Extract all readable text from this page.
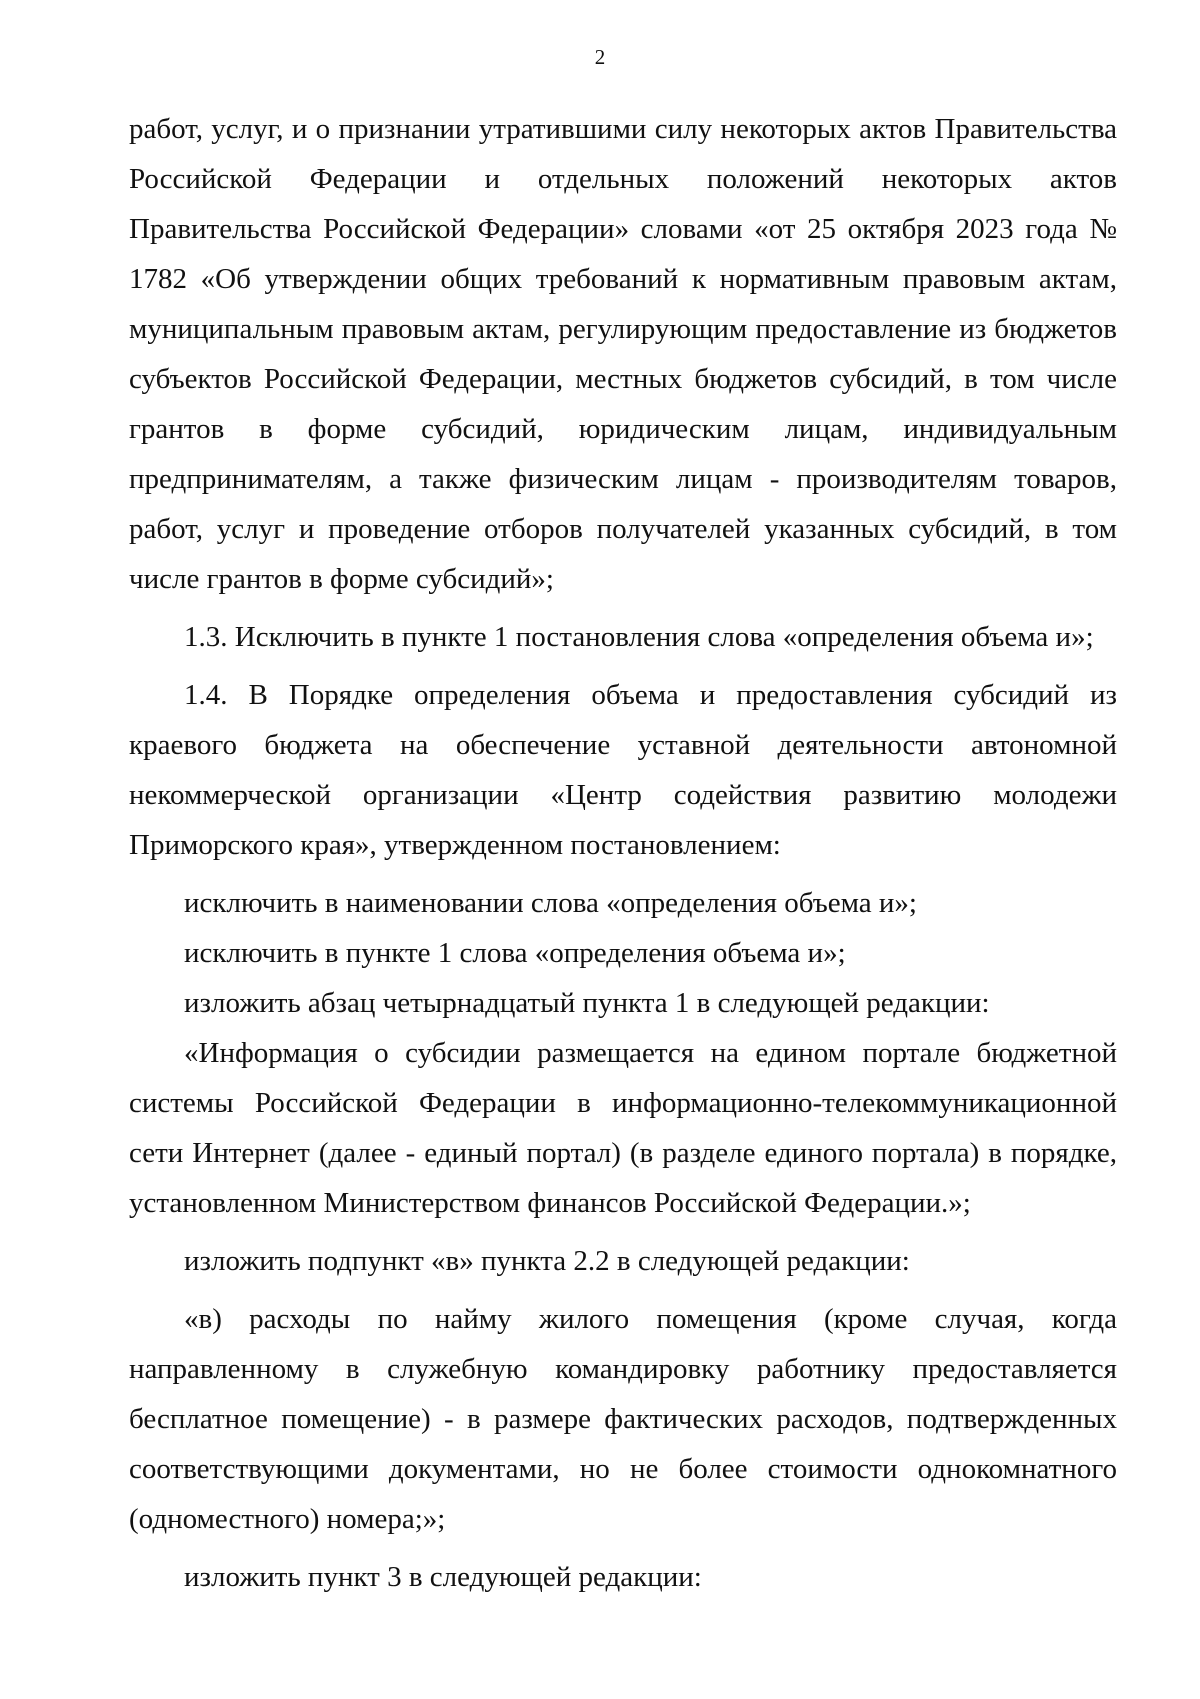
2

работ, услуг, и о признании утратившими силу некоторых актов Правительства Российской Федерации и отдельных положений некоторых актов Правительства Российской Федерации» словами «от 25 октября 2023 года № 1782 «Об утверждении общих требований к нормативным правовым актам, муниципальным правовым актам, регулирующим предоставление из бюджетов субъектов Российской Федерации, местных бюджетов субсидий, в том числе грантов в форме субсидий, юридическим лицам, индивидуальным предпринимателям, а также физическим лицам - производителям товаров, работ, услуг и проведение отборов получателей указанных субсидий, в том числе грантов в форме субсидий»;

1.3. Исключить в пункте 1 постановления слова «определения объема и»;

1.4. В Порядке определения объема и предоставления субсидий из краевого бюджета на обеспечение уставной деятельности автономной некоммерческой организации «Центр содействия развитию молодежи Приморского края», утвержденном постановлением:

исключить в наименовании слова «определения объема и»;

исключить в пункте 1 слова «определения объема и»;

изложить абзац четырнадцатый пункта 1 в следующей редакции:

«Информация о субсидии размещается на едином портале бюджетной системы Российской Федерации в информационно-телекоммуникационной сети Интернет (далее - единый портал) (в разделе единого портала) в порядке, установленном Министерством финансов Российской Федерации.»;

изложить подпункт «в» пункта 2.2 в следующей редакции:

«в) расходы по найму жилого помещения (кроме случая, когда направленному в служебную командировку работнику предоставляется бесплатное помещение) - в размере фактических расходов, подтвержденных соответствующими документами, но не более стоимости однокомнатного (одноместного) номера;»;

изложить пункт 3 в следующей редакции:
